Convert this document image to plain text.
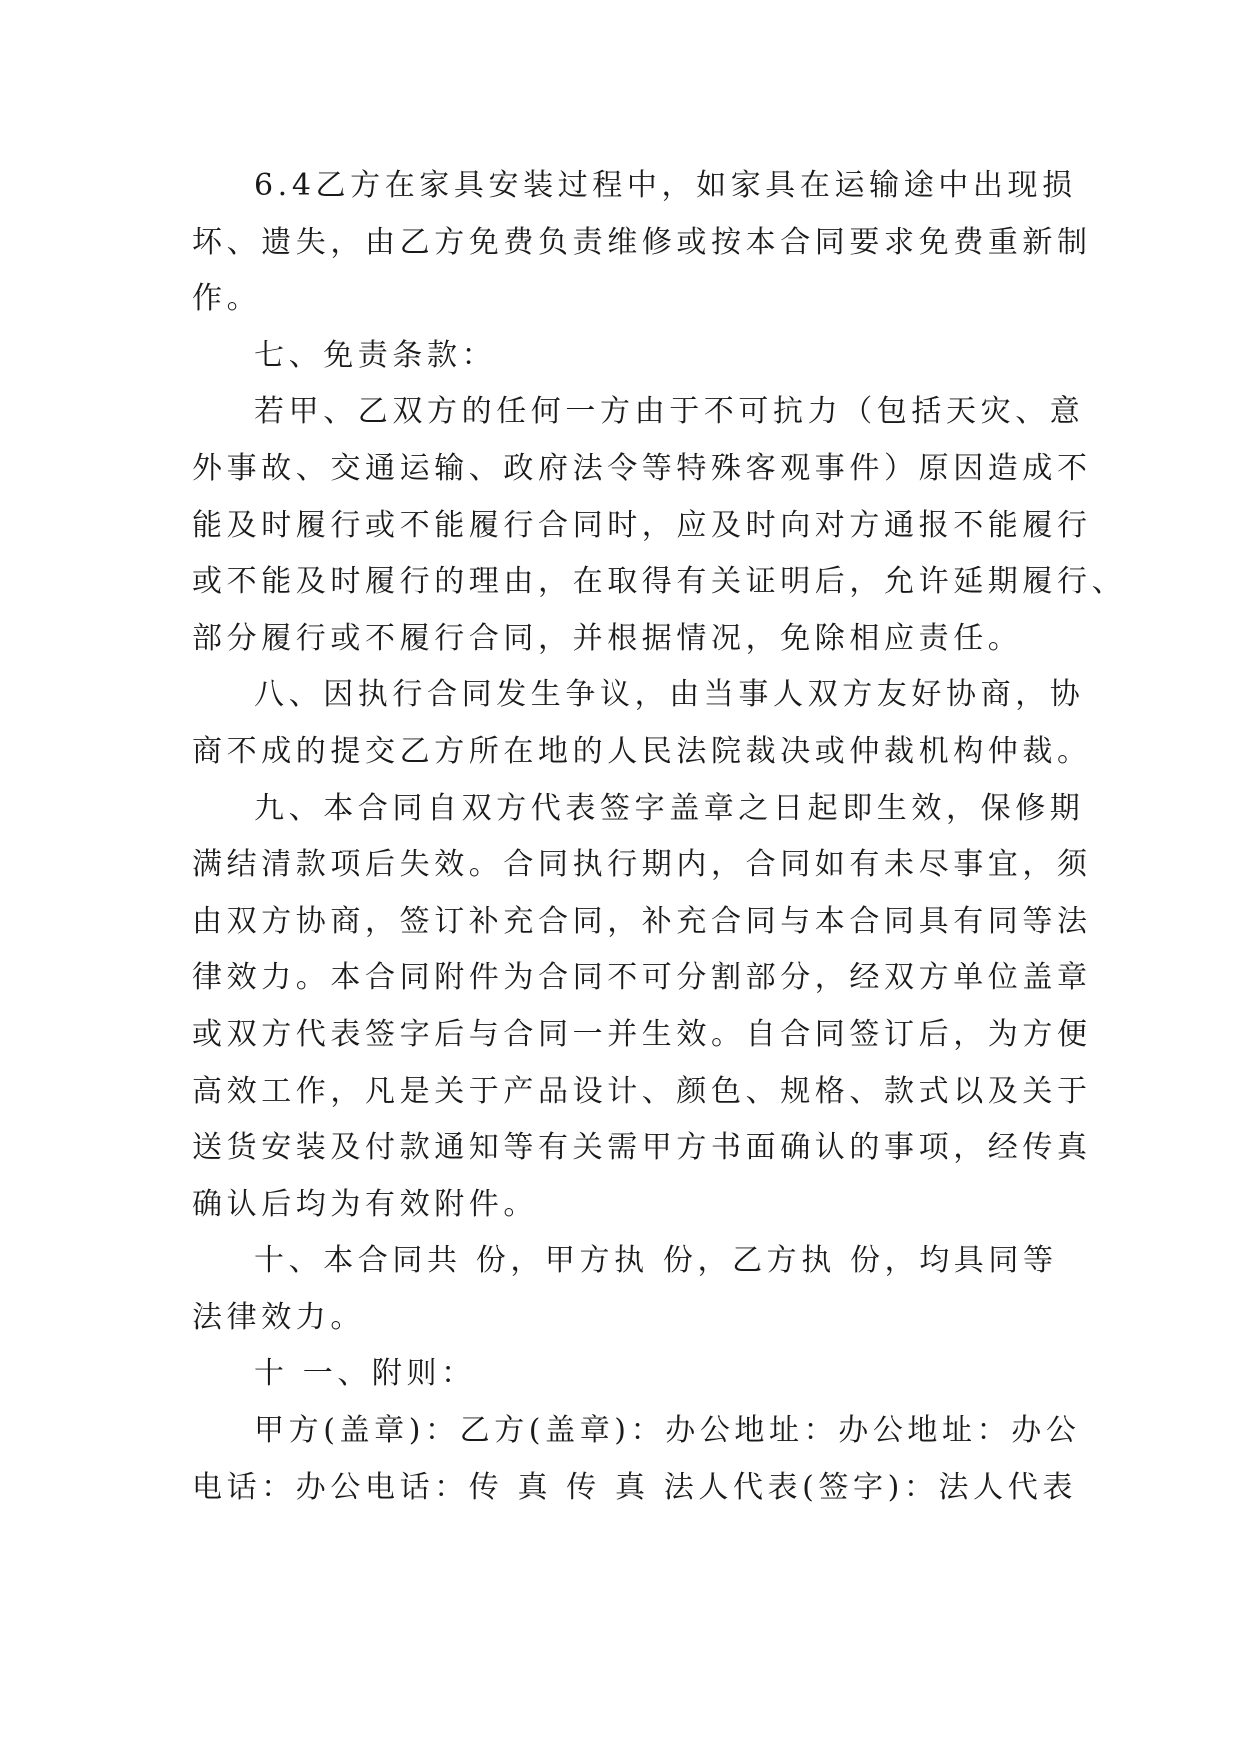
6.4乙方在家具安装过程中，如家具在运输途中出现损
坏、遗失，由乙方免费负责维修或按本合同要求免费重新制
作。
七、免责条款：
若甲、乙双方的任何一方由于不可抗力（包括天灾、意
外事故、交通运输、政府法令等特殊客观事件）原因造成不
能及时履行或不能履行合同时，应及时向对方通报不能履行
或不能及时履行的理由，在取得有关证明后，允许延期履行、
部分履行或不履行合同，并根据情况，免除相应责任。
八、因执行合同发生争议，由当事人双方友好协商，协
商不成的提交乙方所在地的人民法院裁决或仲裁机构仲裁。
九、本合同自双方代表签字盖章之日起即生效，保修期
满结清款项后失效。合同执行期内，合同如有未尽事宜，须
由双方协商，签订补充合同，补充合同与本合同具有同等法
律效力。本合同附件为合同不可分割部分，经双方单位盖章
或双方代表签字后与合同一并生效。自合同签订后，为方便
高效工作，凡是关于产品设计、颜色、规格、款式以及关于
送货安装及付款通知等有关需甲方书面确认的事项，经传真
确认后均为有效附件。
十、本合同共 份，甲方执 份，乙方执 份，均具同等
法律效力。
十 一、附则：
甲方(盖章)：乙方(盖章)：办公地址：办公地址：办公
电话：办公电话：传 真 传 真 法人代表(签字)：法人代表
